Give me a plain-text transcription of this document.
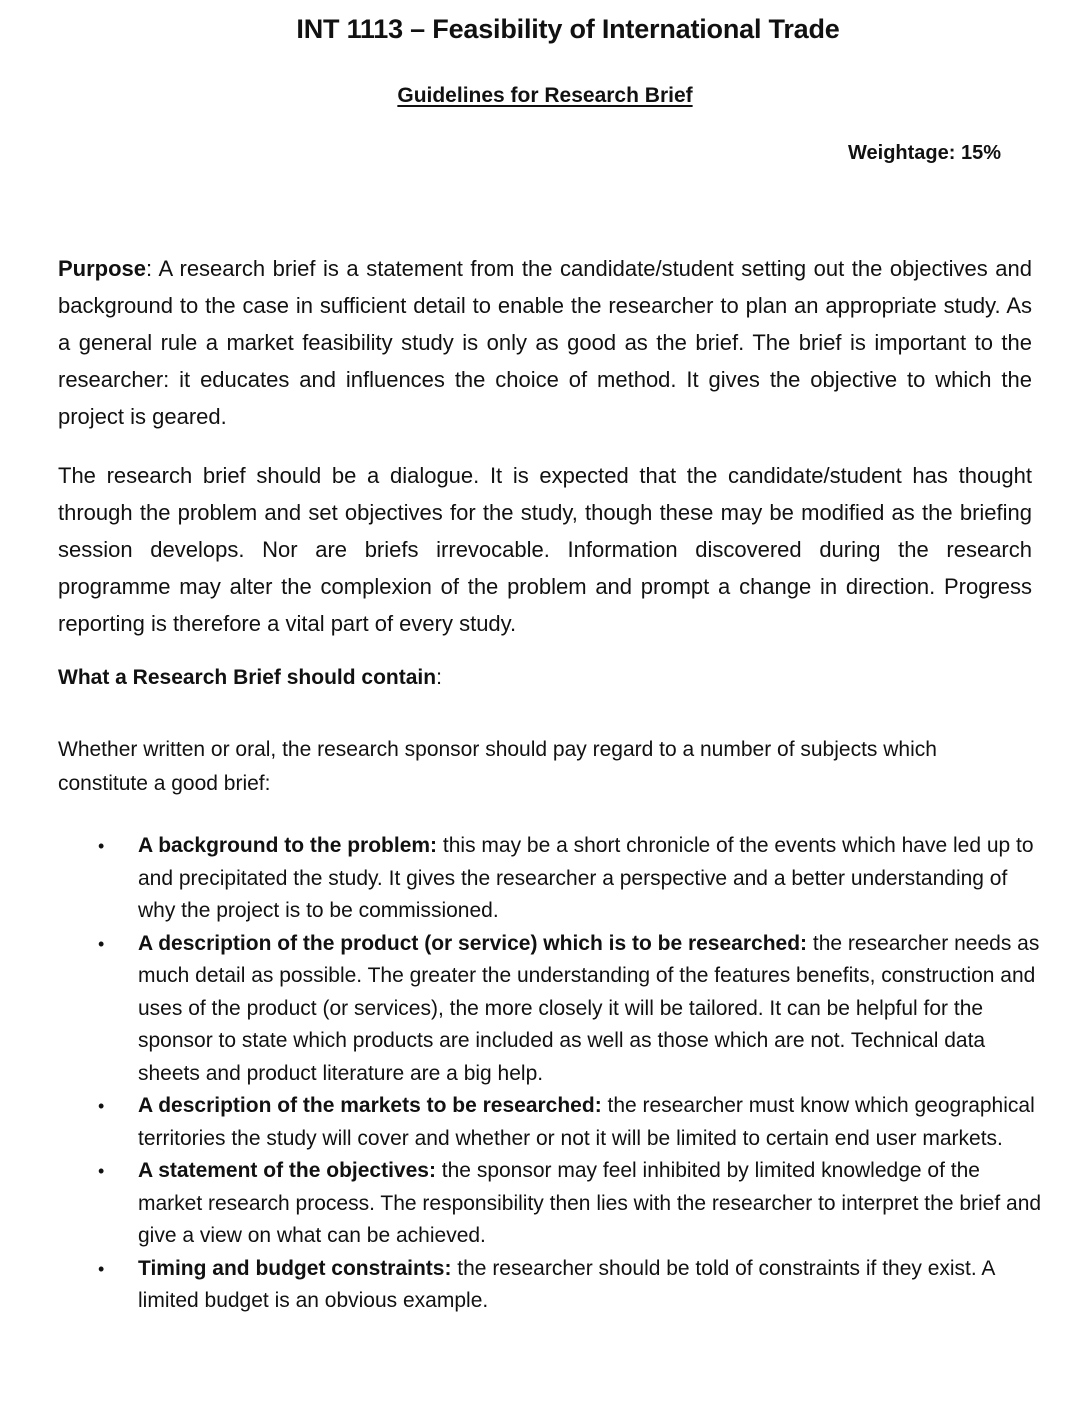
INT 1113 – Feasibility of International Trade
Guidelines for Research Brief
Weightage: 15%

Purpose: A research brief is a statement from the candidate/student setting out the objectives and background to the case in sufficient detail to enable the researcher to plan an appropriate study. As a general rule a market feasibility study is only as good as the brief. The brief is important to the researcher: it educates and influences the choice of method. It gives the objective to which the project is geared.

The research brief should be a dialogue. It is expected that the candidate/student has thought through the problem and set objectives for the study, though these may be modified as the briefing session develops. Nor are briefs irrevocable. Information discovered during the research programme may alter the complexion of the problem and prompt a change in direction. Progress reporting is therefore a vital part of every study.

What a Research Brief should contain:
Whether written or oral, the research sponsor should pay regard to a number of subjects which constitute a good brief:
• A background to the problem: this may be a short chronicle of the events which have led up to and precipitated the study. It gives the researcher a perspective and a better understanding of why the project is to be commissioned.
• A description of the product (or service) which is to be researched: the researcher needs as much detail as possible. The greater the understanding of the features benefits, construction and uses of the product (or services), the more closely it will be tailored. It can be helpful for the sponsor to state which products are included as well as those which are not. Technical data sheets and product literature are a big help.
• A description of the markets to be researched: the researcher must know which geographical territories the study will cover and whether or not it will be limited to certain end user markets.
• A statement of the objectives: the sponsor may feel inhibited by limited knowledge of the market research process. The responsibility then lies with the researcher to interpret the brief and give a view on what can be achieved.
• Timing and budget constraints: the researcher should be told of constraints if they exist. A limited budget is an obvious example.
